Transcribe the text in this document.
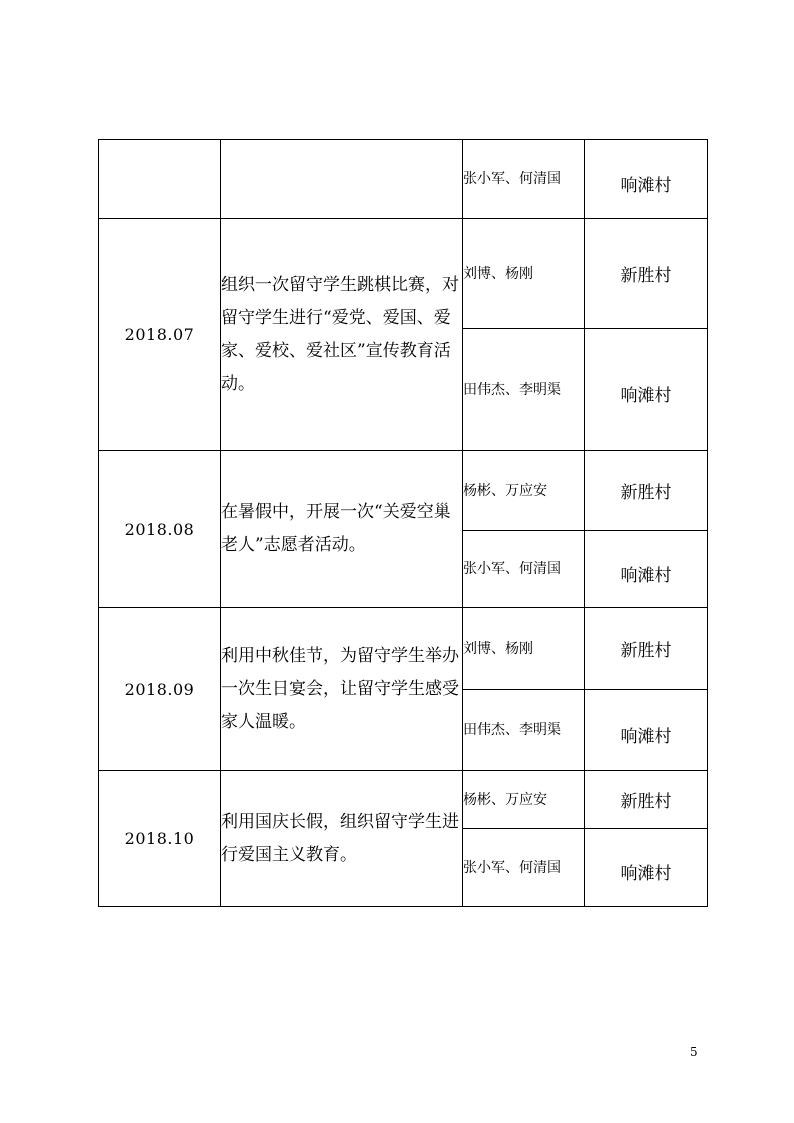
		张小军、何清国	响滩村
2018.07	组织一次留守学生跳棋比赛，对留守学生进行“爱党、爱国、爱家、爱校、爱社区”宣传教育活动。	刘博、杨刚	新胜村
		田伟杰、李明渠	响滩村
2018.08	在暑假中，开展一次“关爱空巢老人”志愿者活动。	杨彬、万应安	新胜村
		张小军、何清国	响滩村
2018.09	利用中秋佳节，为留守学生举办一次生日宴会，让留守学生感受家人温暖。	刘博、杨刚	新胜村
		田伟杰、李明渠	响滩村
2018.10	利用国庆长假，组织留守学生进行爱国主义教育。	杨彬、万应安	新胜村
		张小军、何清国	响滩村
5
